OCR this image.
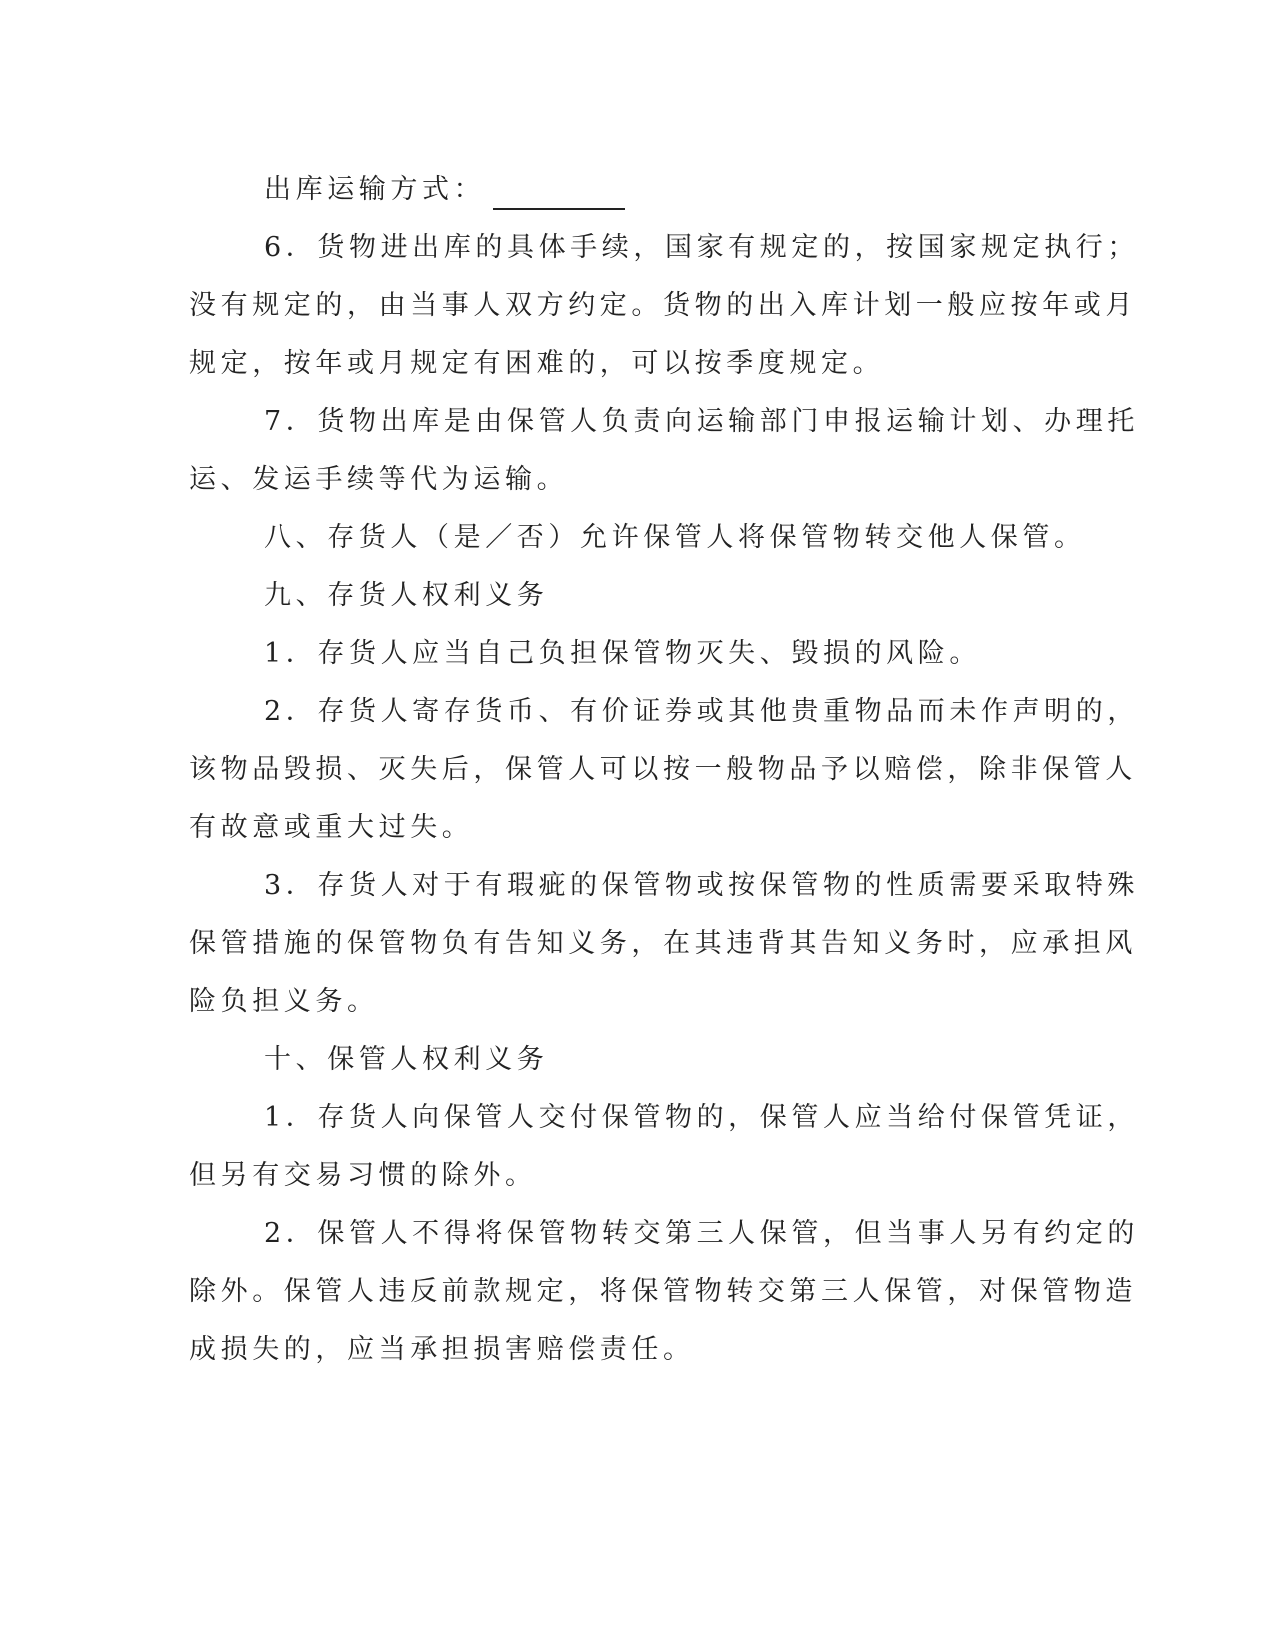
出库运输方式：

6．货物进出库的具体手续，国家有规定的，按国家规定执行；

没有规定的，由当事人双方约定。货物的出入库计划一般应按年或月

规定，按年或月规定有困难的，可以按季度规定。

7．货物出库是由保管人负责向运输部门申报运输计划、办理托

运、发运手续等代为运输。

八、存货人（是／否）允许保管人将保管物转交他人保管。

九、存货人权利义务

1．存货人应当自己负担保管物灭失、毁损的风险。

2．存货人寄存货币、有价证券或其他贵重物品而未作声明的，

该物品毁损、灭失后，保管人可以按一般物品予以赔偿，除非保管人

有故意或重大过失。

3．存货人对于有瑕疵的保管物或按保管物的性质需要采取特殊

保管措施的保管物负有告知义务，在其违背其告知义务时，应承担风

险负担义务。

十、保管人权利义务

1．存货人向保管人交付保管物的，保管人应当给付保管凭证，

但另有交易习惯的除外。

2．保管人不得将保管物转交第三人保管，但当事人另有约定的

除外。保管人违反前款规定，将保管物转交第三人保管，对保管物造

成损失的，应当承担损害赔偿责任。
